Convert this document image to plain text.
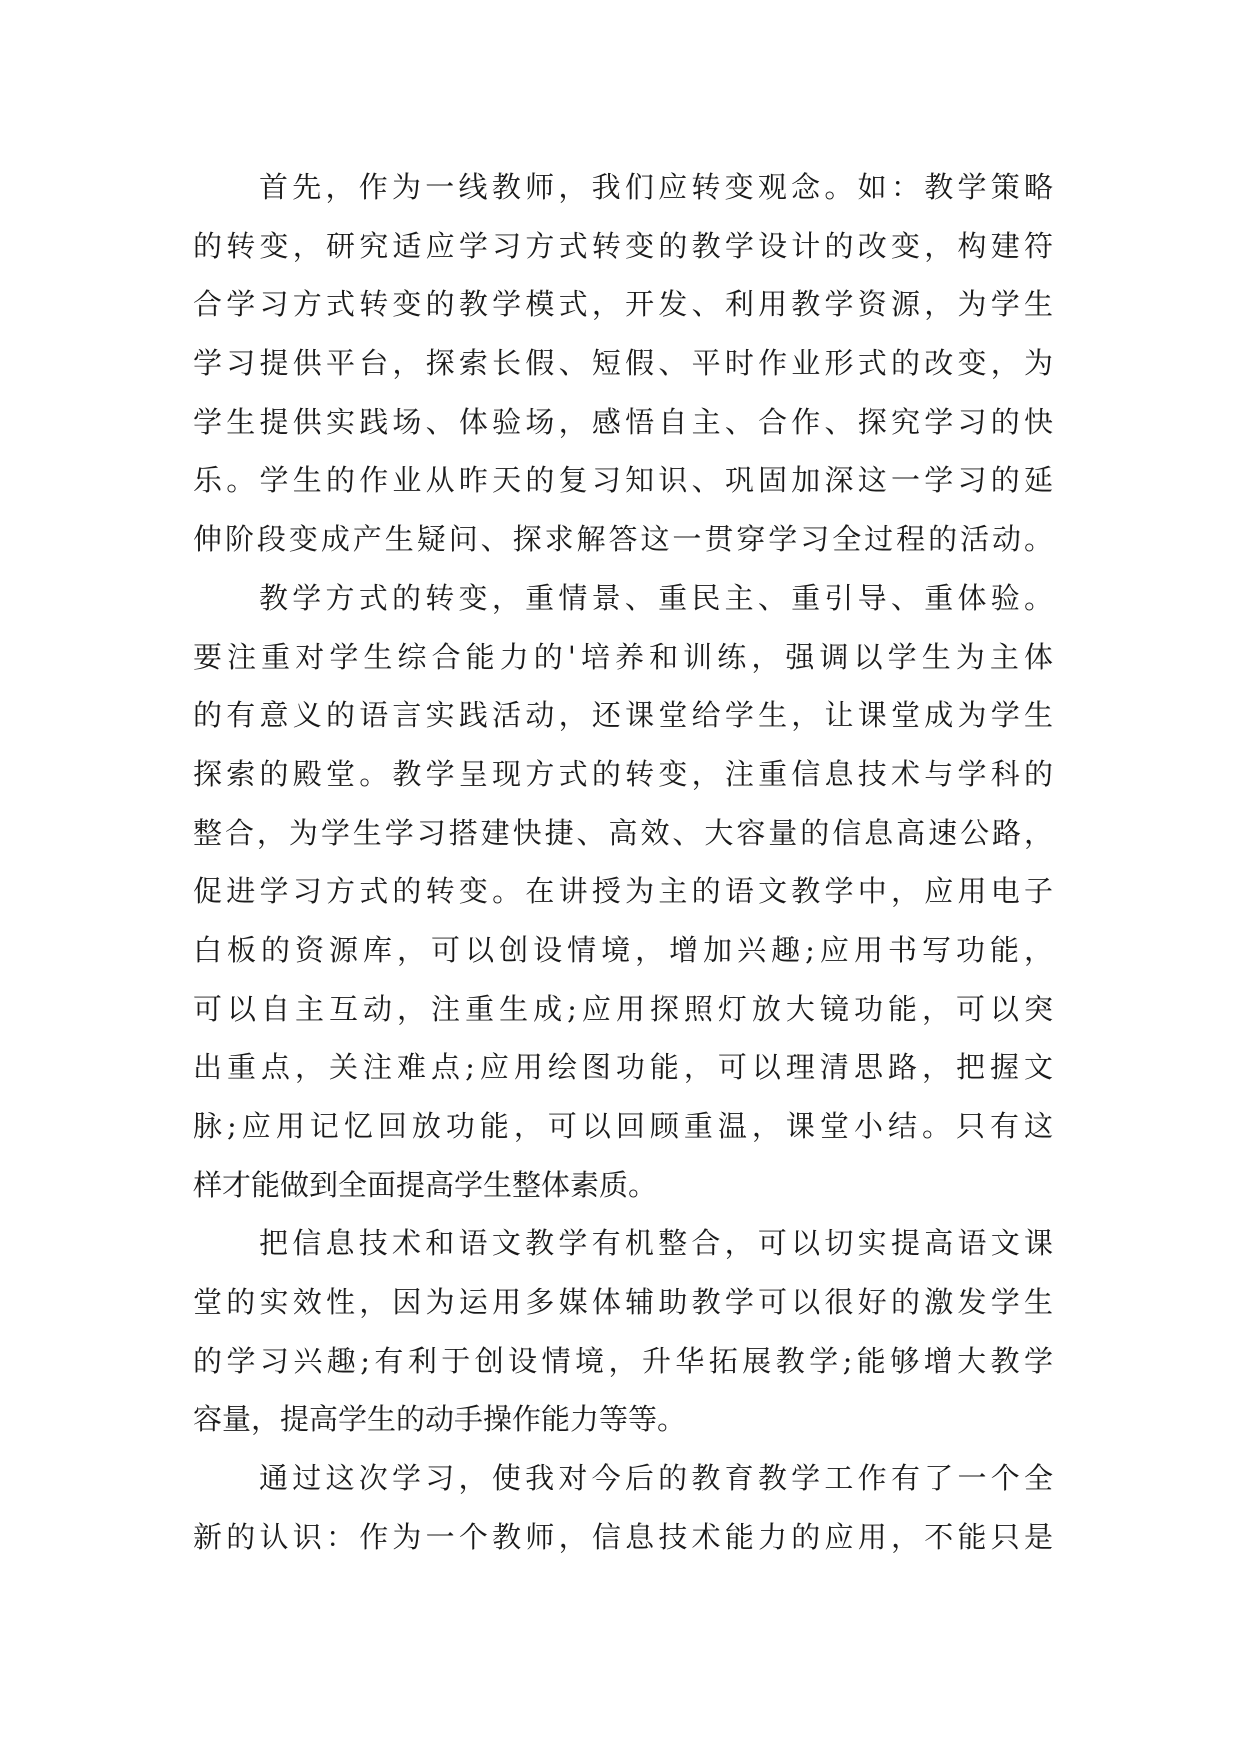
首先，作为一线教师，我们应转变观念。如：教学策略
的转变，研究适应学习方式转变的教学设计的改变，构建符
合学习方式转变的教学模式，开发、利用教学资源，为学生
学习提供平台，探索长假、短假、平时作业形式的改变，为
学生提供实践场、体验场，感悟自主、合作、探究学习的快
乐。学生的作业从昨天的复习知识、巩固加深这一学习的延
伸阶段变成产生疑问、探求解答这一贯穿学习全过程的活动。
教学方式的转变，重情景、重民主、重引导、重体验。
要注重对学生综合能力的'培养和训练，强调以学生为主体
的有意义的语言实践活动，还课堂给学生，让课堂成为学生
探索的殿堂。教学呈现方式的转变，注重信息技术与学科的
整合，为学生学习搭建快捷、高效、大容量的信息高速公路，
促进学习方式的转变。在讲授为主的语文教学中，应用电子
白板的资源库，可以创设情境，增加兴趣;应用书写功能，
可以自主互动，注重生成;应用探照灯放大镜功能，可以突
出重点，关注难点;应用绘图功能，可以理清思路，把握文
脉;应用记忆回放功能，可以回顾重温，课堂小结。只有这
样才能做到全面提高学生整体素质。
把信息技术和语文教学有机整合，可以切实提高语文课
堂的实效性，因为运用多媒体辅助教学可以很好的激发学生
的学习兴趣;有利于创设情境，升华拓展教学;能够增大教学
容量，提高学生的动手操作能力等等。
通过这次学习，使我对今后的教育教学工作有了一个全
新的认识：作为一个教师，信息技术能力的应用，不能只是
